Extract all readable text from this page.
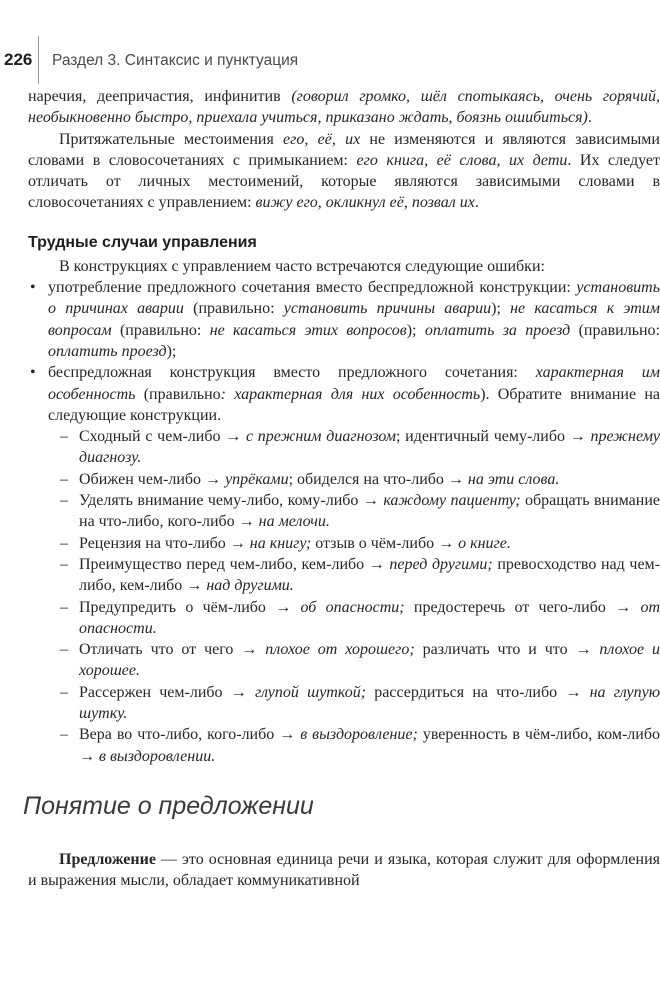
226 Раздел 3. Синтаксис и пунктуация

наречия, деепричастия, инфинитив (говорил громко, шёл спотыкаясь, очень горячий, необыкновенно быстро, приехала учиться, приказано ждать, боязнь ошибиться).

Притяжательные местоимения его, её, их не изменяются и являются зависимыми словами в словосочетаниях с примыканием: его книга, её слова, их дети. Их следует отличать от личных местоимений, которые являются зависимыми словами в словосочетаниях с управлением: вижу его, окликнул её, позвал их.

Трудные случаи управления

В конструкциях с управлением часто встречаются следующие ошибки:

• употребление предложного сочетания вместо беспредложной конструкции: установить о причинах аварии (правильно: установить причины аварии); не касаться к этим вопросам (правильно: не касаться этих вопросов); оплатить за проезд (правильно: оплатить проезд);

• беспредложная конструкция вместо предложного сочетания: характерная им особенность (правильно: характерная для них особенность). Обратите внимание на следующие конструкции.

– Сходный с чем-либо → с прежним диагнозом; идентичный чему-либо → прежнему диагнозу.

– Обижен чем-либо → упрёками; обиделся на что-либо → на эти слова.

– Уделять внимание чему-либо, кому-либо → каждому пациенту; обращать внимание на что-либо, кого-либо → на мелочи.

– Рецензия на что-либо → на книгу; отзыв о чём-либо → о книге.

– Преимущество перед чем-либо, кем-либо → перед другими; превосходство над чем-либо, кем-либо → над другими.

– Предупредить о чём-либо → об опасности; предостеречь от чего-либо → от опасности.

– Отличать что от чего → плохое от хорошего; различать что и что → плохое и хорошее.

– Рассержен чем-либо → глупой шуткой; рассердиться на что-либо → на глупую шутку.

– Вера во что-либо, кого-либо → в выздоровление; уверенность в чём-либо, ком-либо → в выздоровлении.

Понятие о предложении

Предложение — это основная единица речи и языка, которая служит для оформления и выражения мысли, обладает коммуникативной
